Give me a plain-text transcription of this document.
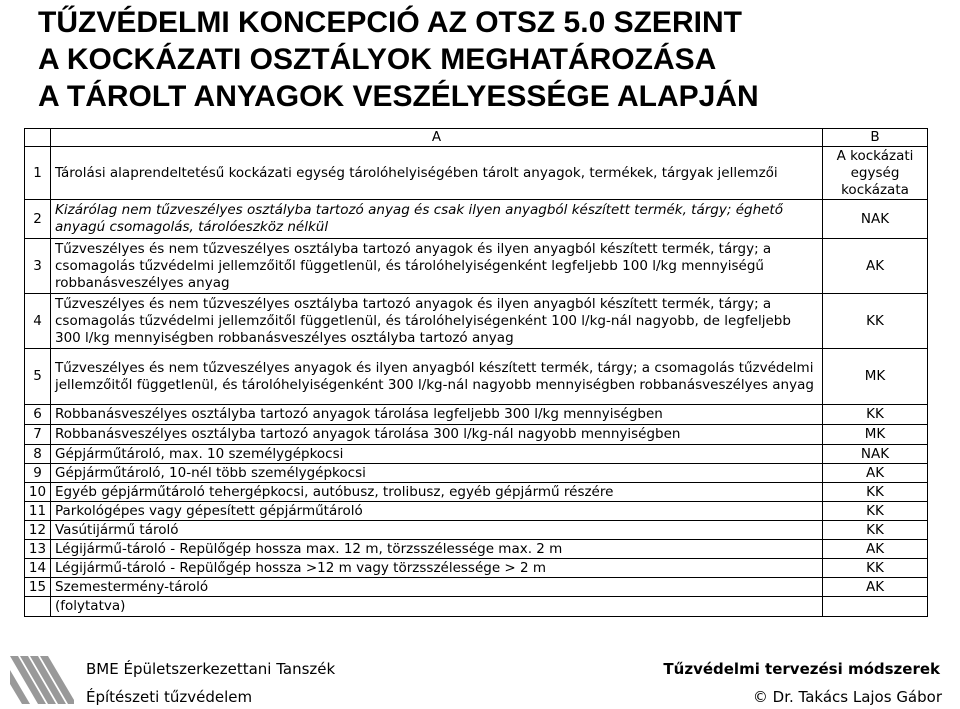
TŰZVÉDELMI KONCEPCIÓ AZ OTSZ 5.0 SZERINT
A KOCKÁZATI OSZTÁLYOK MEGHATÁROZÁSA
A TÁROLT ANYAGOK VESZÉLYESSÉGE ALAPJÁN
	A	B
1	Tárolási alaprendeltetésű kockázati egység tárolóhelyiségében tárolt anyagok, termékek, tárgyak jellemzői	A kockázati egység kockázata
2	Kizárólag nem tűzveszélyes osztályba tartozó anyag és csak ilyen anyagból készített termék, tárgy; éghető anyagú csomagolás, tárolóeszköz nélkül	NAK
3	Tűzveszélyes és nem tűzveszélyes osztályba tartozó anyagok és ilyen anyagból készített termék, tárgy; a csomagolás tűzvédelmi jellemzőitől függetlenül, és tárolóhelyiségenként legfeljebb 100 l/kg mennyiségű robbanásveszélyes anyag	AK
4	Tűzveszélyes és nem tűzveszélyes osztályba tartozó anyagok és ilyen anyagból készített termék, tárgy; a csomagolás tűzvédelmi jellemzőitől függetlenül, és tárolóhelyiségenként 100 l/kg-nál nagyobb, de legfeljebb 300 l/kg mennyiségben robbanásveszélyes osztályba tartozó anyag	KK
5	Tűzveszélyes és nem tűzveszélyes anyagok és ilyen anyagból készített termék, tárgy; a csomagolás tűzvédelmi jellemzőitől függetlenül, és tárolóhelyiségenként 300 l/kg-nál nagyobb mennyiségben robbanásveszélyes anyag	MK
6	Robbanásveszélyes osztályba tartozó anyagok tárolása legfeljebb 300 l/kg mennyiségben	KK
7	Robbanásveszélyes osztályba tartozó anyagok tárolása 300 l/kg-nál nagyobb mennyiségben	MK
8	Gépjárműtároló, max. 10 személygépkocsi	NAK
9	Gépjárműtároló, 10-nél több személygépkocsi	AK
10	Egyéb gépjárműtároló tehergépkocsi, autóbusz, trolibusz, egyéb gépjármű részére	KK
11	Parkológépes vagy gépesített gépjárműtároló	KK
12	Vasútijármű tároló	KK
13	Légijármű-tároló - Repülőgép hossza max. 12 m, törzsszélessége max. 2 m	AK
14	Légijármű-tároló - Repülőgép hossza >12 m vagy törzsszélessége > 2 m	KK
15	Szemestermény-tároló	AK
	(folytatva)	
BME Épületszerkezettani Tanszék
Építészeti tűzvédelem
Tűzvédelmi tervezési módszerek
© Dr. Takács Lajos Gábor
